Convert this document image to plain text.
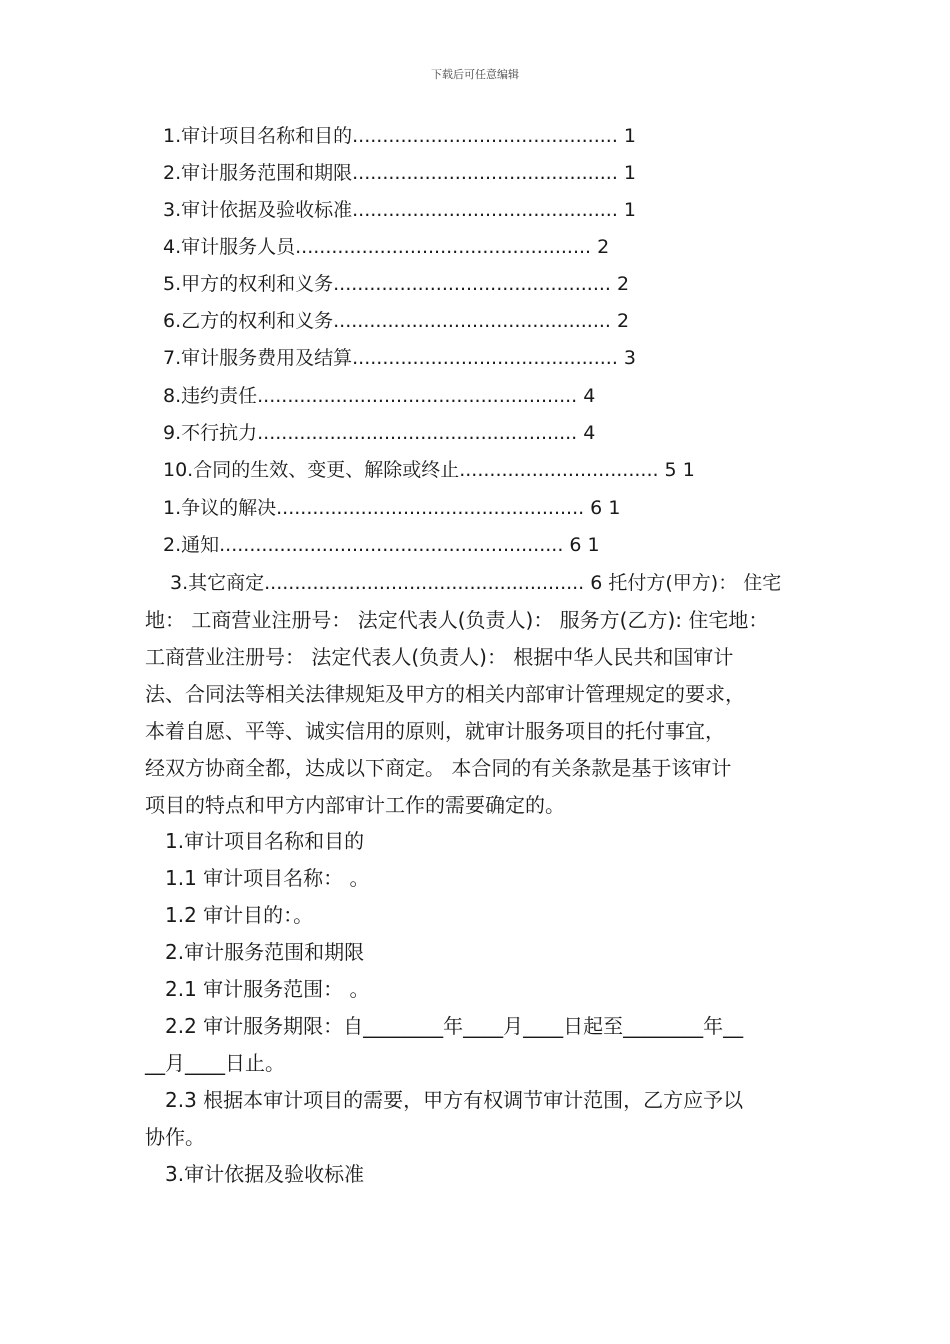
下载后可任意编辑
1.审计项目名称和目的............................................ 1
2.审计服务范围和期限............................................ 1
3.审计依据及验收标准............................................ 1
4.审计服务人员................................................. 2
5.甲方的权利和义务.............................................. 2
6.乙方的权利和义务.............................................. 2
7.审计服务费用及结算............................................ 3
8.违约责任..................................................... 4
9.不行抗力..................................................... 4
10.合同的生效、变更、解除或终止................................. 5 1
1.争议的解决................................................... 6 1
2.通知......................................................... 6 1
3.其它商定..................................................... 6 托付方(甲方)： 住宅
地： 工商营业注册号： 法定代表人(负责人)： 服务方(乙方): 住宅地：
工商营业注册号： 法定代表人(负责人)： 根据中华人民共和国审计
法、合同法等相关法律规矩及甲方的相关内部审计管理规定的要求，
本着自愿、平等、诚实信用的原则，就审计服务项目的托付事宜，
经双方协商全都，达成以下商定。 本合同的有关条款是基于该审计
项目的特点和甲方内部审计工作的需要确定的。
1.审计项目名称和目的
1.1 审计项目名称： 。
1.2 审计目的：。
2.审计服务范围和期限
2.1 审计服务范围： 。
2.2 审计服务期限：自________年____月____日起至________年__
__月____日止。
2.3 根据本审计项目的需要，甲方有权调节审计范围，乙方应予以
协作。
3.审计依据及验收标准
